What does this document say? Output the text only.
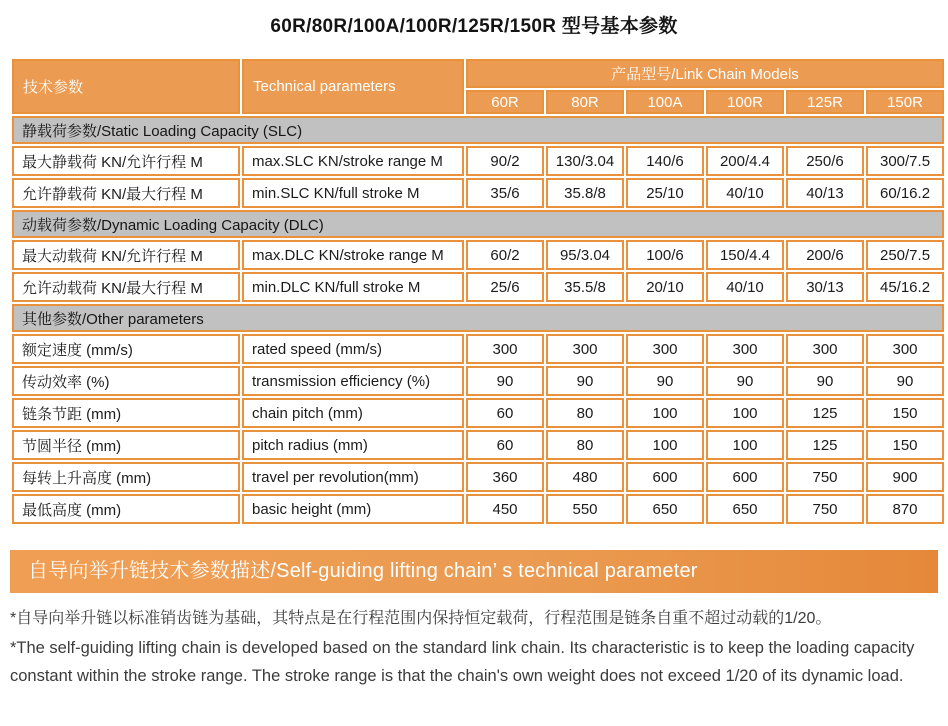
60R/80R/100A/100R/125R/150R 型号基本参数
技术参数	Technical parameters	产品型号/Link Chain Models					
		60R	80R	100A	100R	125R	150R
静载荷参数/Static Loading Capacity (SLC)							
最大静载荷 KN/允许行程 M	max.SLC KN/stroke range M	90/2	130/3.04	140/6	200/4.4	250/6	300/7.5
允许静载荷 KN/最大行程 M	min.SLC KN/full stroke M	35/6	35.8/8	25/10	40/10	40/13	60/16.2
动载荷参数/Dynamic Loading Capacity (DLC)							
最大动载荷 KN/允许行程 M	max.DLC KN/stroke range M	60/2	95/3.04	100/6	150/4.4	200/6	250/7.5
允许动载荷 KN/最大行程 M	min.DLC KN/full stroke M	25/6	35.5/8	20/10	40/10	30/13	45/16.2
其他参数/Other parameters							
额定速度 (mm/s)	rated speed (mm/s)	300	300	300	300	300	300
传动效率 (%)	transmission efficiency (%)	90	90	90	90	90	90
链条节距 (mm)	chain pitch (mm)	60	80	100	100	125	150
节圆半径 (mm)	pitch radius (mm)	60	80	100	100	125	150
每转上升高度 (mm)	travel per revolution(mm)	360	480	600	600	750	900
最低高度 (mm)	basic height (mm)	450	550	650	650	750	870
自导向举升链技术参数描述/Self-guiding lifting chain’ s technical parameter

*自导向举升链以标准销齿链为基础，其特点是在行程范围内保持恒定载荷，行程范围是链条自重不超过动载的1/20。

*The self-guiding lifting chain is developed based on the standard link chain. Its characteristic is to keep the loading capacity constant within the stroke range. The stroke range is that the chain's own weight does not exceed 1/20 of its dynamic load.
